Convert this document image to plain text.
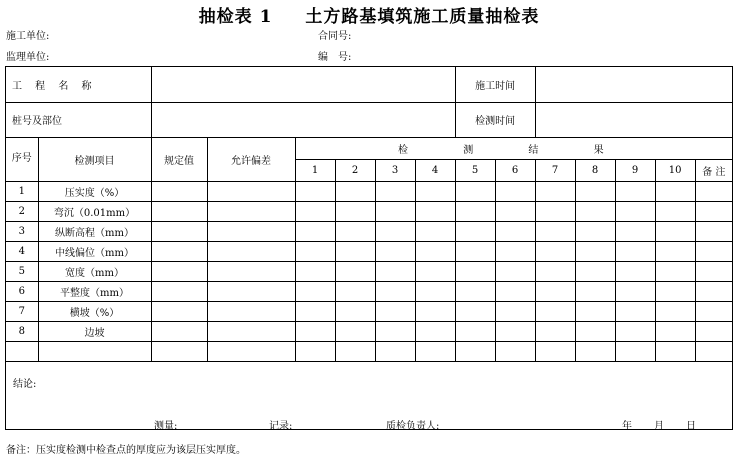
抽检表 1 土方路基填筑施工质量抽检表
施工单位:	合同号:
监理单位:	编　号:
工 程 名 称								施工时间						
桩号及部位								检测时间						
序号	检测项目	规定值	允许偏差	检 测 结 果										
				1	2	3	4	5	6	7	8	9	10	备 注
1	压实度（%）													
2	弯沉（0.01mm）													
3	纵断高程（mm）													
4	中线偏位（mm）													
5	宽度（mm）													
6	平整度（mm）													
7	横坡（%）													
8	边坡													

结论:
测量:	记录:	质检负责人:	年 月 日
备注：压实度检测中检查点的厚度应为该层压实厚度。
